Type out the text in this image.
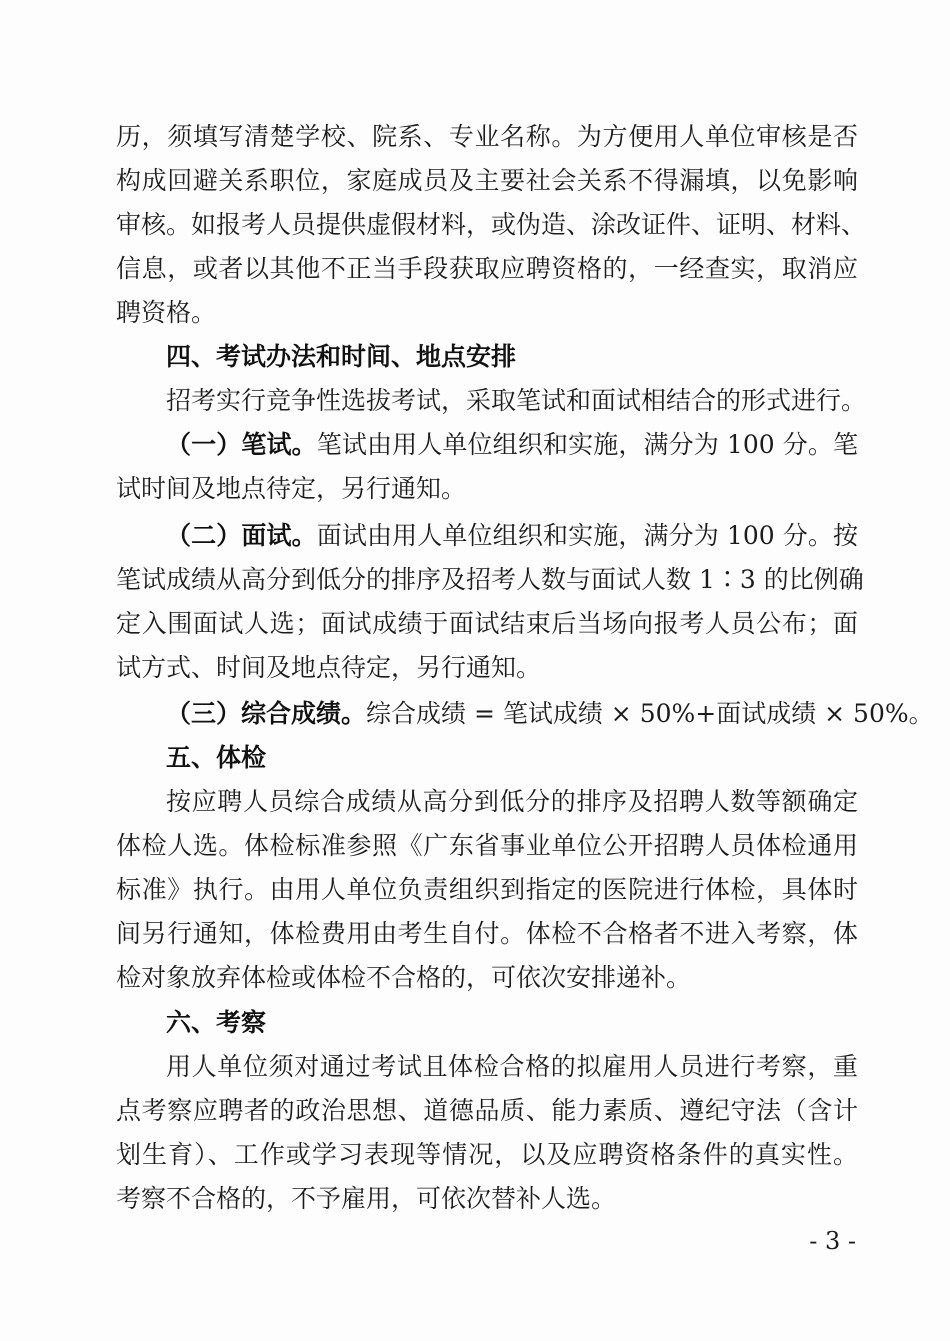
历，须填写清楚学校、院系、专业名称。为方便用人单位审核是否
构成回避关系职位，家庭成员及主要社会关系不得漏填，以免影响
审核。如报考人员提供虚假材料，或伪造、涂改证件、证明、材料、
信息，或者以其他不正当手段获取应聘资格的，一经查实，取消应
聘资格。
四、考试办法和时间、地点安排
招考实行竞争性选拔考试，采取笔试和面试相结合的形式进行。
（一）笔试。笔试由用人单位组织和实施，满分为 100 分。笔
试时间及地点待定，另行通知。
（二）面试。面试由用人单位组织和实施，满分为 100 分。按
笔试成绩从高分到低分的排序及招考人数与面试人数 1∶3 的比例确
定入围面试人选；面试成绩于面试结束后当场向报考人员公布；面
试方式、时间及地点待定，另行通知。
（三）综合成绩。综合成绩 = 笔试成绩 × 50%+面试成绩 × 50%。
五、体检
按应聘人员综合成绩从高分到低分的排序及招聘人数等额确定
体检人选。体检标准参照《广东省事业单位公开招聘人员体检通用
标准》执行。由用人单位负责组织到指定的医院进行体检，具体时
间另行通知，体检费用由考生自付。体检不合格者不进入考察，体
检对象放弃体检或体检不合格的，可依次安排递补。
六、考察
用人单位须对通过考试且体检合格的拟雇用人员进行考察，重
点考察应聘者的政治思想、道德品质、能力素质、遵纪守法（含计
划生育）、工作或学习表现等情况，以及应聘资格条件的真实性。
考察不合格的，不予雇用，可依次替补人选。
- 3 -
